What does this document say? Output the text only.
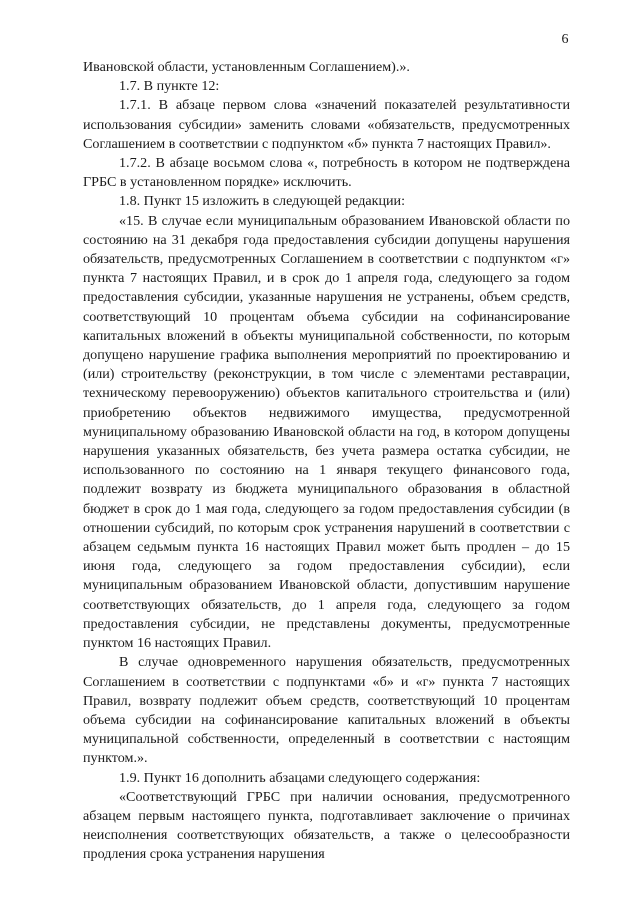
6

Ивановской области, установленным Соглашением).».

1.7. В пункте 12:

1.7.1. В абзаце первом слова «значений показателей результативности использования субсидии» заменить словами «обязательств, предусмотренных Соглашением в соответствии с подпунктом «б» пункта 7 настоящих Правил».

1.7.2. В абзаце восьмом слова «, потребность в котором не подтверждена ГРБС в установленном порядке» исключить.

1.8. Пункт 15 изложить в следующей редакции:

«15. В случае если муниципальным образованием Ивановской области по состоянию на 31 декабря года предоставления субсидии допущены нарушения обязательств, предусмотренных Соглашением в соответствии с подпунктом «г» пункта 7 настоящих Правил, и в срок до 1 апреля года, следующего за годом предоставления субсидии, указанные нарушения не устранены, объем средств, соответствующий 10 процентам объема субсидии на софинансирование капитальных вложений в объекты муниципальной собственности, по которым допущено нарушение графика выполнения мероприятий по проектированию и (или) строительству (реконструкции, в том числе с элементами реставрации, техническому перевооружению) объектов капитального строительства и (или) приобретению объектов недвижимого имущества, предусмотренной муниципальному образованию Ивановской области на год, в котором допущены нарушения указанных обязательств, без учета размера остатка субсидии, не использованного по состоянию на 1 января текущего финансового года, подлежит возврату из бюджета муниципального образования в областной бюджет в срок до 1 мая года, следующего за годом предоставления субсидии (в отношении субсидий, по которым срок устранения нарушений в соответствии с абзацем седьмым пункта 16 настоящих Правил может быть продлен – до 15 июня года, следующего за годом предоставления субсидии), если муниципальным образованием Ивановской области, допустившим нарушение соответствующих обязательств, до 1 апреля года, следующего за годом предоставления субсидии, не представлены документы, предусмотренные пунктом 16 настоящих Правил.

В случае одновременного нарушения обязательств, предусмотренных Соглашением в соответствии с подпунктами «б» и «г» пункта 7 настоящих Правил, возврату подлежит объем средств, соответствующий 10 процентам объема субсидии на софинансирование капитальных вложений в объекты муниципальной собственности, определенный в соответствии с настоящим пунктом.».

1.9. Пункт 16 дополнить абзацами следующего содержания:

«Соответствующий ГРБС при наличии основания, предусмотренного абзацем первым настоящего пункта, подготавливает заключение о причинах неисполнения соответствующих обязательств, а также о целесообразности продления срока устранения нарушения
